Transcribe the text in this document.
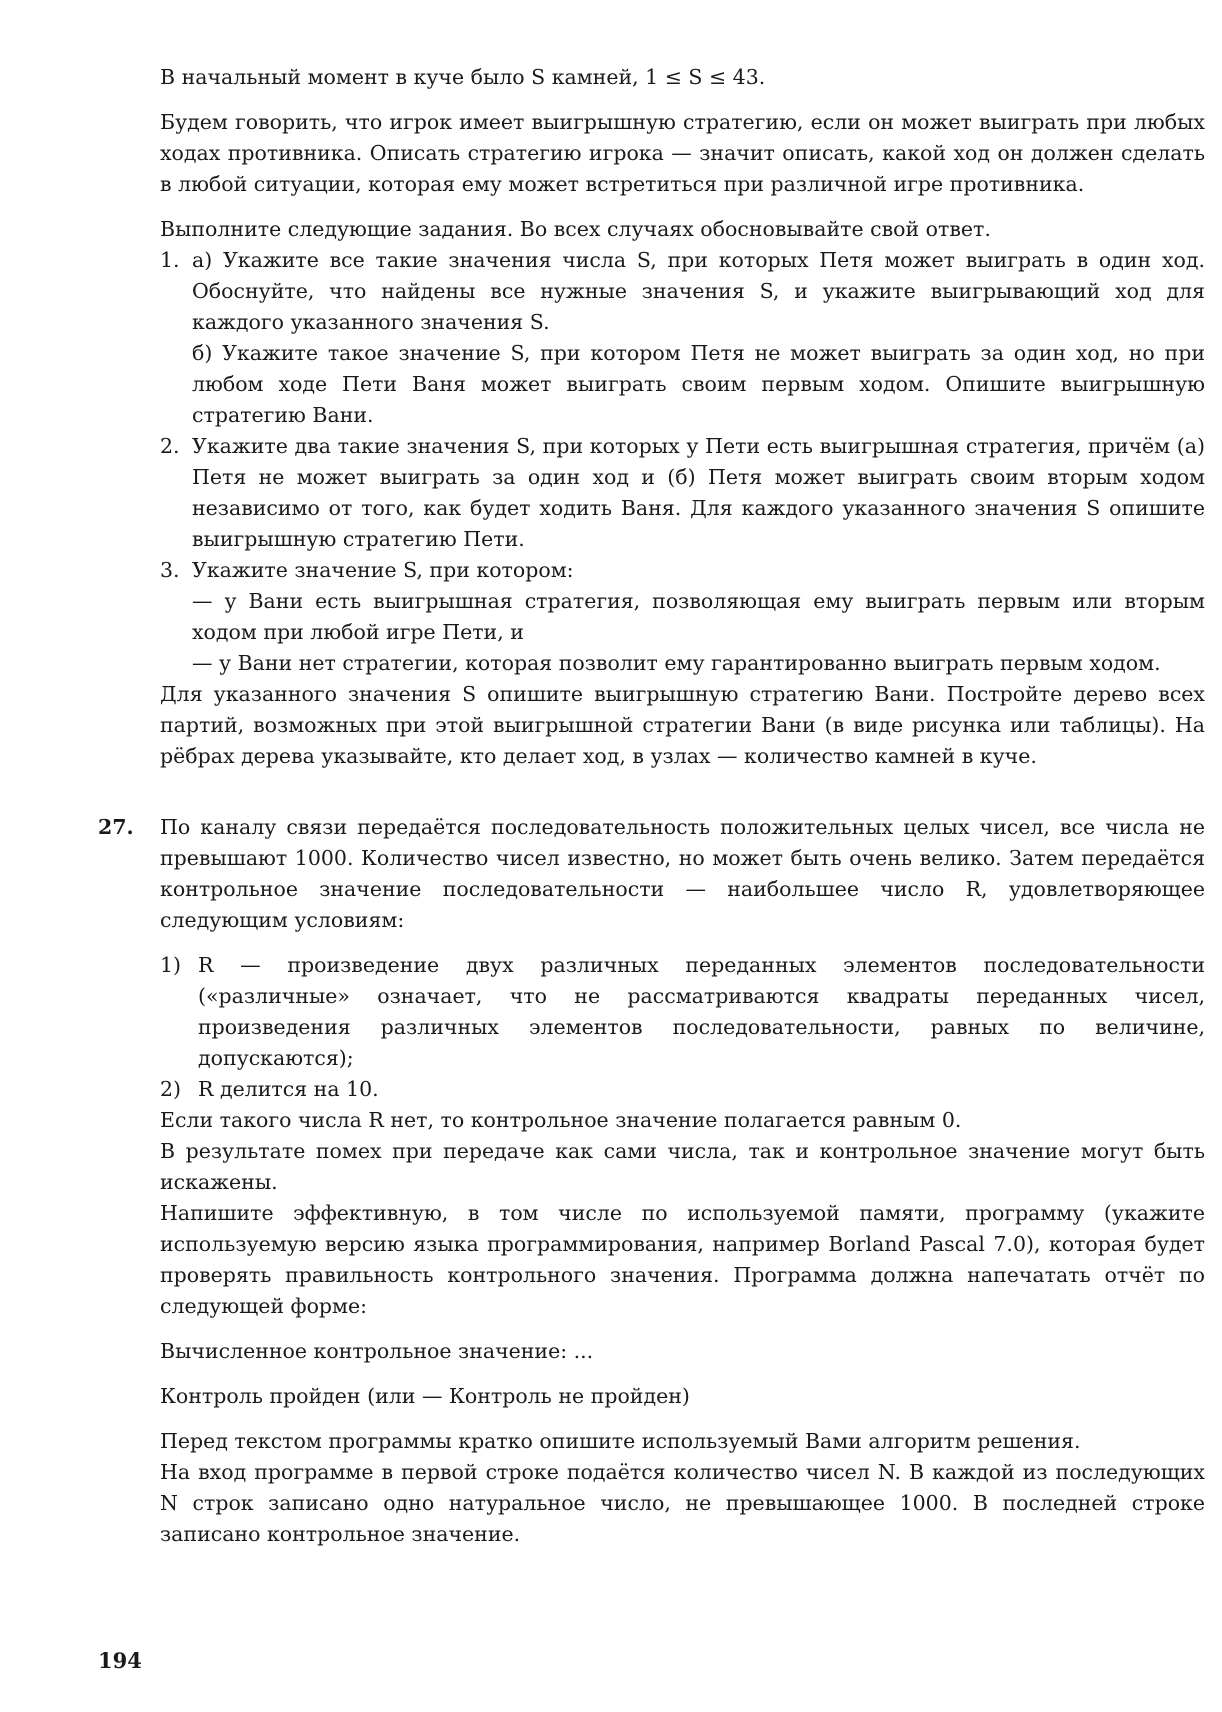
В начальный момент в куче было S камней, 1 ≤ S ≤ 43.

Будем говорить, что игрок имеет выигрышную стратегию, если он может выиграть при любых ходах противника. Описать стратегию игрока — значит описать, какой ход он должен сделать в любой ситуации, которая ему может встретиться при различной игре противника.

Выполните следующие задания. Во всех случаях обосновывайте свой ответ.

1. а) Укажите все такие значения числа S, при которых Петя может выиграть в один ход. Обоснуйте, что найдены все нужные значения S, и укажите выигрывающий ход для каждого указанного значения S.

б) Укажите такое значение S, при котором Петя не может выиграть за один ход, но при любом ходе Пети Ваня может выиграть своим первым ходом. Опишите выигрышную стратегию Вани.

2. Укажите два такие значения S, при которых у Пети есть выигрышная стратегия, причём (а) Петя не может выиграть за один ход и (б) Петя может выиграть своим вторым ходом независимо от того, как будет ходить Ваня. Для каждого указанного значения S опишите выигрышную стратегию Пети.

3. Укажите значение S, при котором:

— у Вани есть выигрышная стратегия, позволяющая ему выиграть первым или вторым ходом при любой игре Пети, и

— у Вани нет стратегии, которая позволит ему гарантированно выиграть первым ходом.

Для указанного значения S опишите выигрышную стратегию Вани. Постройте дерево всех партий, возможных при этой выигрышной стратегии Вани (в виде рисунка или таблицы). На рёбрах дерева указывайте, кто делает ход, в узлах — количество камней в куче.

27. По каналу связи передаётся последовательность положительных целых чисел, все числа не превышают 1000. Количество чисел известно, но может быть очень велико. Затем передаётся контрольное значение последовательности — наибольшее число R, удовлетворяющее следующим условиям:

1) R — произведение двух различных переданных элементов последовательности («различные» означает, что не рассматриваются квадраты переданных чисел, произведения различных элементов последовательности, равных по величине, допускаются);

2) R делится на 10.

Если такого числа R нет, то контрольное значение полагается равным 0.

В результате помех при передаче как сами числа, так и контрольное значение могут быть искажены.

Напишите эффективную, в том числе по используемой памяти, программу (укажите используемую версию языка программирования, например Borland Pascal 7.0), которая будет проверять правильность контрольного значения. Программа должна напечатать отчёт по следующей форме:

Вычисленное контрольное значение: ...

Контроль пройден (или — Контроль не пройден)

Перед текстом программы кратко опишите используемый Вами алгоритм решения.

На вход программе в первой строке подаётся количество чисел N. В каждой из последующих N строк записано одно натуральное число, не превышающее 1000. В последней строке записано контрольное значение.

194
